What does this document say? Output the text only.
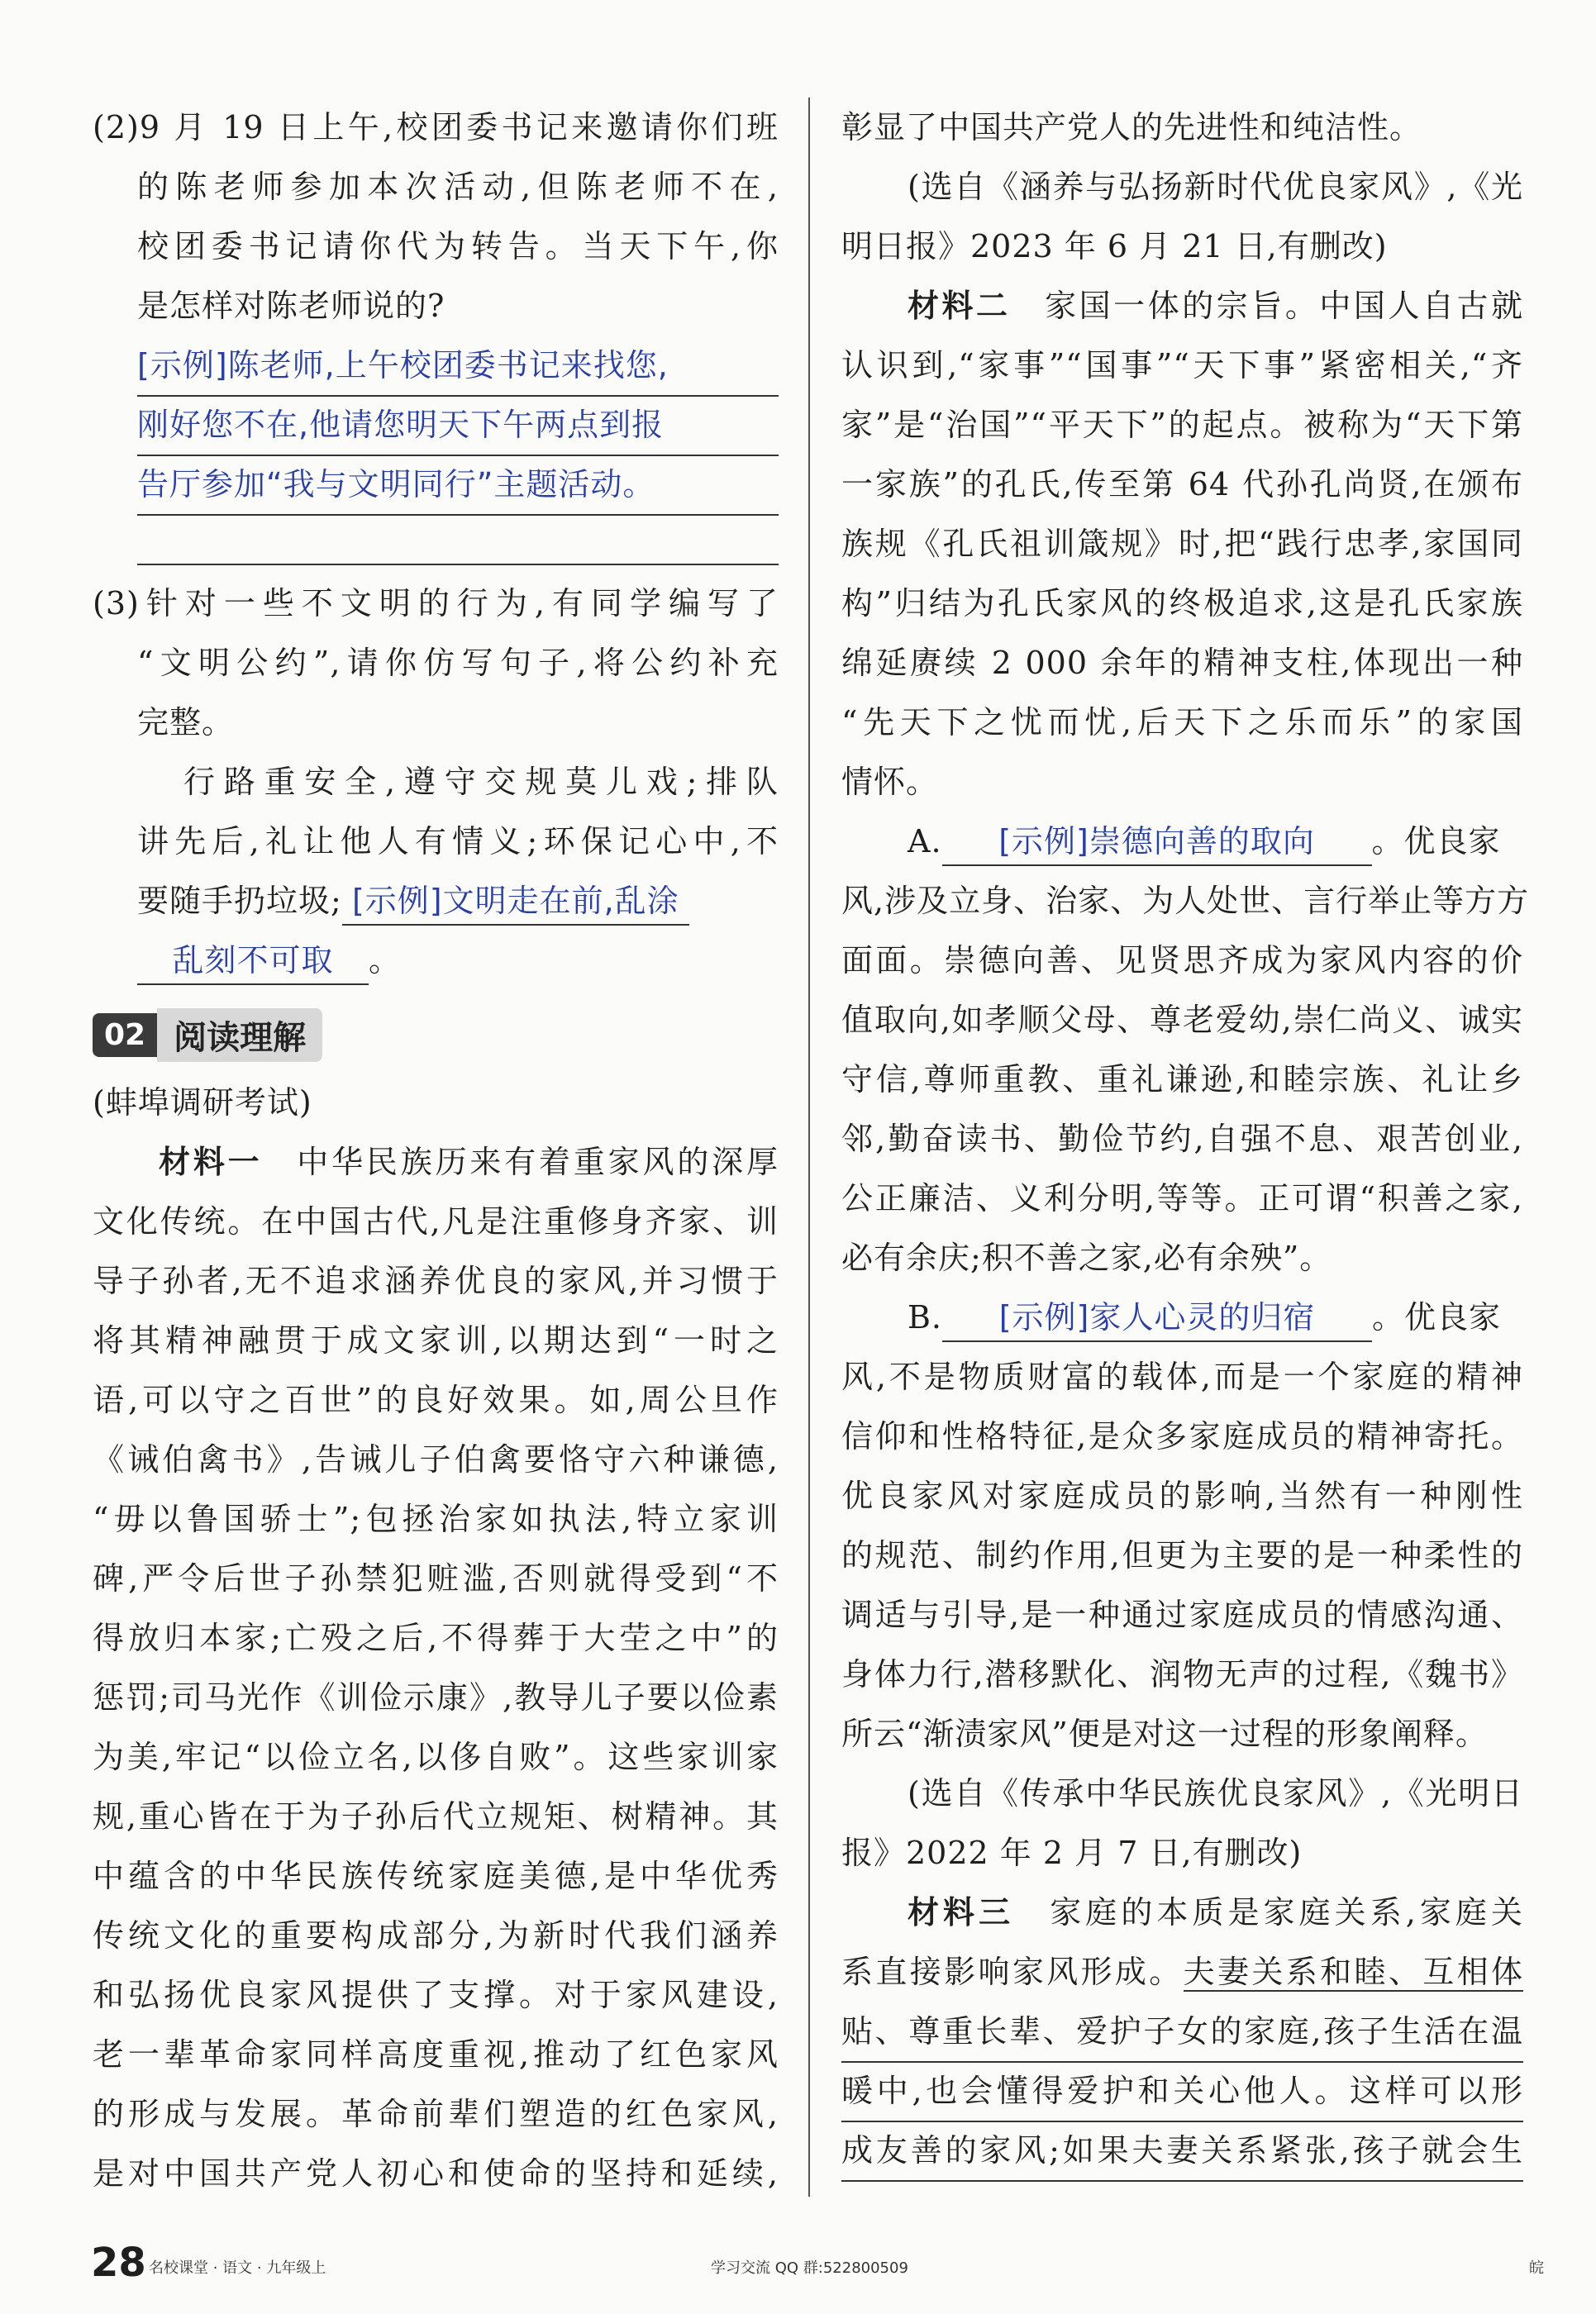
(2)9 月 19 日上午,校团委书记来邀请你们班
的陈老师参加本次活动,但陈老师不在,
校团委书记请你代为转告。当天下午,你
是怎样对陈老师说的?
[示例]陈老师,上午校团委书记来找您,
刚好您不在,他请您明天下午两点到报
告厅参加“我与文明同行”主题活动。
(3)针对一些不文明的行为,有同学编写了
“文明公约”,请你仿写句子,将公约补充
完整。
行路重安全,遵守交规莫儿戏;排队
讲先后,礼让他人有情义;环保记心中,不
要随手扔垃圾; [示例]文明走在前,乱涂
乱刻不可取 。
02 阅读理解
(蚌埠调研考试)
材料一  中华民族历来有着重家风的深厚
文化传统。在中国古代,凡是注重修身齐家、训
导子孙者,无不追求涵养优良的家风,并习惯于
将其精神融贯于成文家训,以期达到“一时之
语,可以守之百世”的良好效果。如,周公旦作
《诫伯禽书》,告诫儿子伯禽要恪守六种谦德,
“毋以鲁国骄士”;包拯治家如执法,特立家训
碑,严令后世子孙禁犯赃滥,否则就得受到“不
得放归本家;亡殁之后,不得葬于大茔之中”的
惩罚;司马光作《训俭示康》,教导儿子要以俭素
为美,牢记“以俭立名,以侈自败”。这些家训家
规,重心皆在于为子孙后代立规矩、树精神。其
中蕴含的中华民族传统家庭美德,是中华优秀
传统文化的重要构成部分,为新时代我们涵养
和弘扬优良家风提供了支撑。对于家风建设,
老一辈革命家同样高度重视,推动了红色家风
的形成与发展。革命前辈们塑造的红色家风,
是对中国共产党人初心和使命的坚持和延续,
彰显了中国共产党人的先进性和纯洁性。
(选自《涵养与弘扬新时代优良家风》,《光
明日报》2023 年 6 月 21 日,有删改)
材料二  家国一体的宗旨。中国人自古就
认识到,“家事”“国事”“天下事”紧密相关,“齐
家”是“治国”“平天下”的起点。被称为“天下第
一家族”的孔氏,传至第 64 代孙孔尚贤,在颁布
族规《孔氏祖训箴规》时,把“践行忠孝,家国同
构”归结为孔氏家风的终极追求,这是孔氏家族
绵延赓续 2 000 余年的精神支柱,体现出一种
“先天下之忧而忧,后天下之乐而乐”的家国
情怀。
A. [示例]崇德向善的取向 。优良家
风,涉及立身、治家、为人处世、言行举止等方方
面面。崇德向善、见贤思齐成为家风内容的价
值取向,如孝顺父母、尊老爱幼,崇仁尚义、诚实
守信,尊师重教、重礼谦逊,和睦宗族、礼让乡
邻,勤奋读书、勤俭节约,自强不息、艰苦创业,
公正廉洁、义利分明,等等。正可谓“积善之家,
必有余庆;积不善之家,必有余殃”。
B. [示例]家人心灵的归宿 。优良家
风,不是物质财富的载体,而是一个家庭的精神
信仰和性格特征,是众多家庭成员的精神寄托。
优良家风对家庭成员的影响,当然有一种刚性
的规范、制约作用,但更为主要的是一种柔性的
调适与引导,是一种通过家庭成员的情感沟通、
身体力行,潜移默化、润物无声的过程,《魏书》
所云“渐渍家风”便是对这一过程的形象阐释。
(选自《传承中华民族优良家风》,《光明日
报》2022 年 2 月 7 日,有删改)
材料三  家庭的本质是家庭关系,家庭关
系直接影响家风形成。夫妻关系和睦、互相体
贴、尊重长辈、爱护子女的家庭,孩子生活在温
暖中,也会懂得爱护和关心他人。这样可以形
成友善的家风;如果夫妻关系紧张,孩子就会生
28 名校课堂 · 语文 · 九年级上	学习交流 QQ 群:522800509	皖
